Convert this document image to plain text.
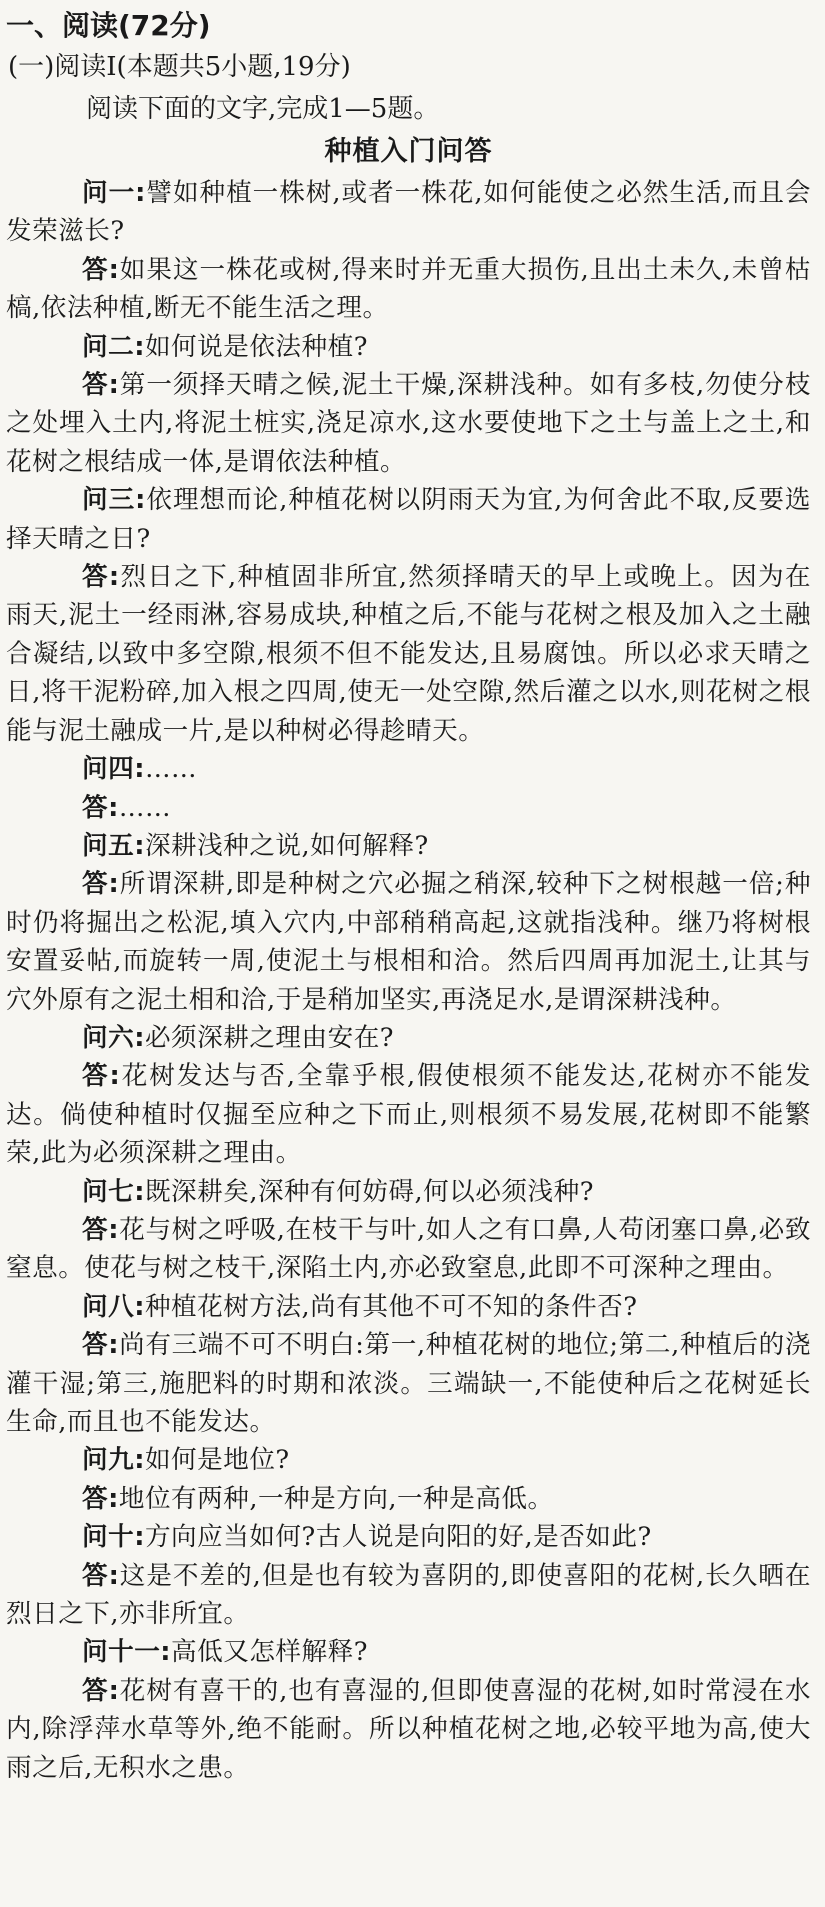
一、阅读(72分)

(一)阅读Ⅰ(本题共5小题,19分)

阅读下面的文字,完成1—5题。

种植入门问答

问一:譬如种植一株树,或者一株花,如何能使之必然生活,而且会发荣滋长?

答:如果这一株花或树,得来时并无重大损伤,且出土未久,未曾枯槁,依法种植,断无不能生活之理。

问二:如何说是依法种植?

答:第一须择天晴之候,泥土干燥,深耕浅种。如有多枝,勿使分枝之处埋入土内,将泥土桩实,浇足凉水,这水要使地下之土与盖上之土,和花树之根结成一体,是谓依法种植。

问三:依理想而论,种植花树以阴雨天为宜,为何舍此不取,反要选择天晴之日?

答:烈日之下,种植固非所宜,然须择晴天的早上或晚上。因为在雨天,泥土一经雨淋,容易成块,种植之后,不能与花树之根及加入之土融合凝结,以致中多空隙,根须不但不能发达,且易腐蚀。所以必求天晴之日,将干泥粉碎,加入根之四周,使无一处空隙,然后灌之以水,则花树之根能与泥土融成一片,是以种树必得趁晴天。

问四:……

答:……

问五:深耕浅种之说,如何解释?

答:所谓深耕,即是种树之穴必掘之稍深,较种下之树根越一倍;种时仍将掘出之松泥,填入穴内,中部稍稍高起,这就指浅种。继乃将树根安置妥帖,而旋转一周,使泥土与根相和洽。然后四周再加泥土,让其与穴外原有之泥土相和洽,于是稍加坚实,再浇足水,是谓深耕浅种。

问六:必须深耕之理由安在?

答:花树发达与否,全靠乎根,假使根须不能发达,花树亦不能发达。倘使种植时仅掘至应种之下而止,则根须不易发展,花树即不能繁荣,此为必须深耕之理由。

问七:既深耕矣,深种有何妨碍,何以必须浅种?

答:花与树之呼吸,在枝干与叶,如人之有口鼻,人苟闭塞口鼻,必致窒息。使花与树之枝干,深陷土内,亦必致窒息,此即不可深种之理由。

问八:种植花树方法,尚有其他不可不知的条件否?

答:尚有三端不可不明白:第一,种植花树的地位;第二,种植后的浇灌干湿;第三,施肥料的时期和浓淡。三端缺一,不能使种后之花树延长生命,而且也不能发达。

问九:如何是地位?

答:地位有两种,一种是方向,一种是高低。

问十:方向应当如何?古人说是向阳的好,是否如此?

答:这是不差的,但是也有较为喜阴的,即使喜阳的花树,长久晒在烈日之下,亦非所宜。

问十一:高低又怎样解释?

答:花树有喜干的,也有喜湿的,但即使喜湿的花树,如时常浸在水内,除浮萍水草等外,绝不能耐。所以种植花树之地,必较平地为高,使大雨之后,无积水之患。
